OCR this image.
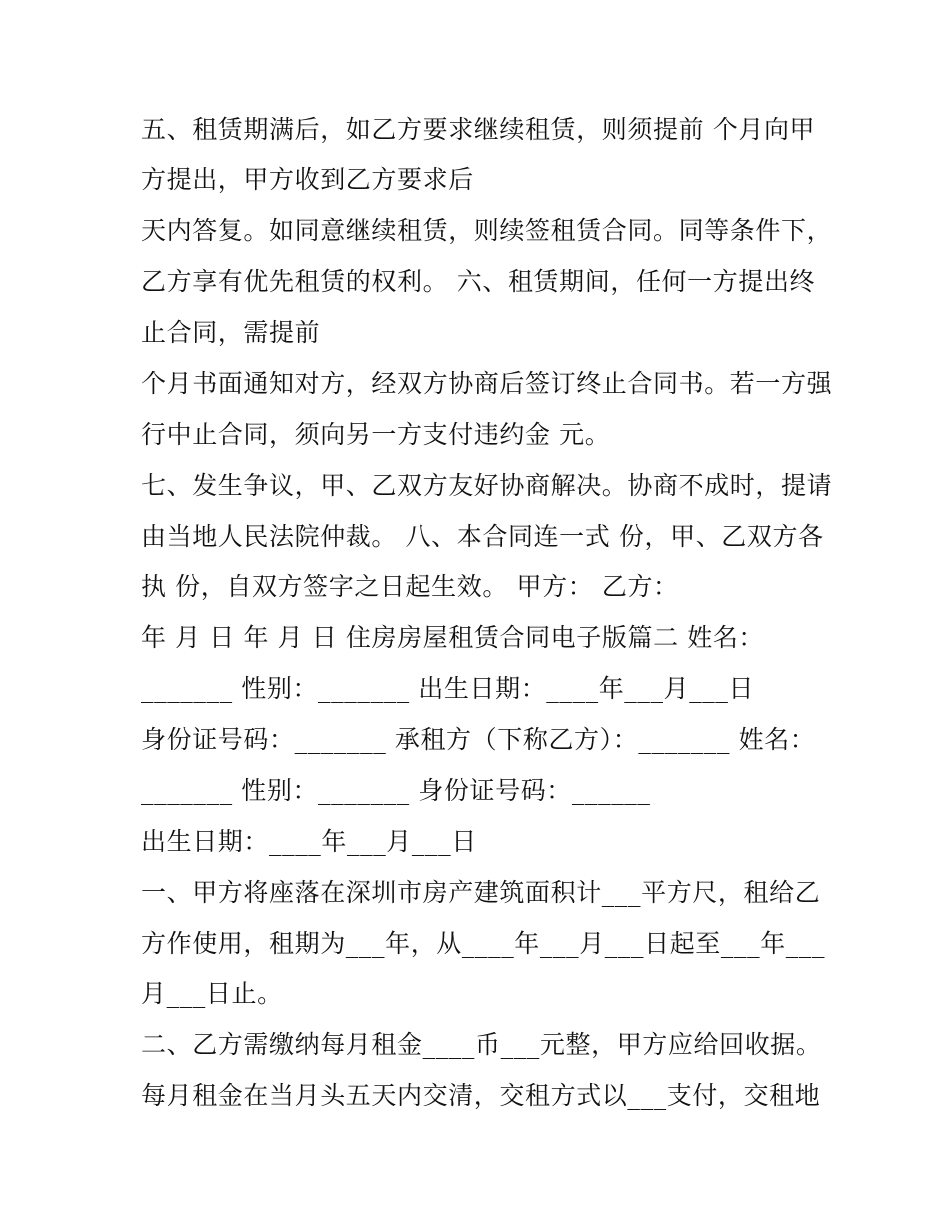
五、租赁期满后，如乙方要求继续租赁，则须提前 个月向甲
方提出，甲方收到乙方要求后
天内答复。如同意继续租赁，则续签租赁合同。同等条件下，
乙方享有优先租赁的权利。 六、租赁期间，任何一方提出终
止合同，需提前
个月书面通知对方，经双方协商后签订终止合同书。若一方强
行中止合同，须向另一方支付违约金 元。
七、发生争议，甲、乙双方友好协商解决。协商不成时，提请
由当地人民法院仲裁。 八、本合同连一式 份，甲、乙双方各
执 份，自双方签字之日起生效。 甲方： 乙方：
年 月 日 年 月 日 住房房屋租赁合同电子版篇二 姓名：
_______ 性别：_______ 出生日期：____年___月___日
身份证号码：_______ 承租方（下称乙方）：_______ 姓名：
_______ 性别：_______ 身份证号码：______
出生日期：____年___月___日
一、甲方将座落在深圳市房产建筑面积计___平方尺，租给乙
方作使用，租期为___年，从____年___月___日起至___年___
月___日止。
二、乙方需缴纳每月租金____币___元整，甲方应给回收据。
每月租金在当月头五天内交清，交租方式以___支付，交租地
